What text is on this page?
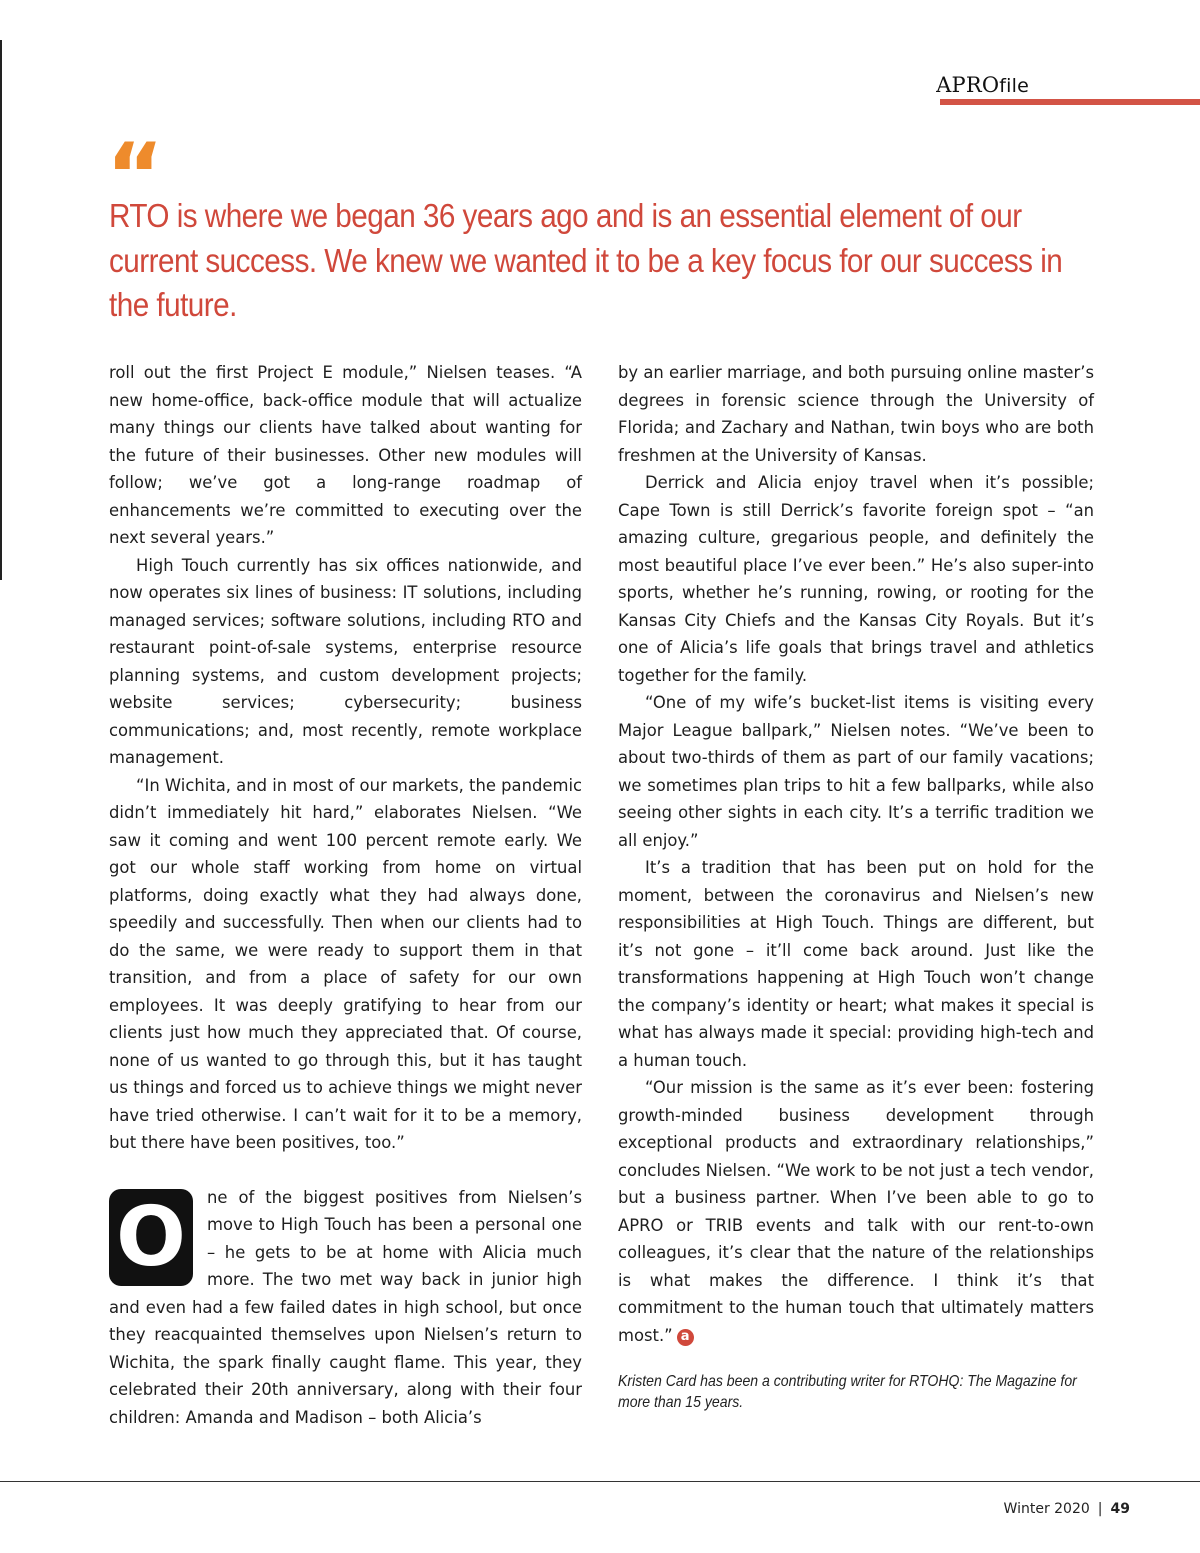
APROfile
“
RTO is where we began 36 years ago and is an essential element of our current success. We knew we wanted it to be a key focus for our success in the future.

roll out the first Project E module,” Nielsen teases. “A new home-office, back-office module that will actualize many things our clients have talked about wanting for the future of their businesses. Other new modules will follow; we’ve got a long-range roadmap of enhancements we’re committed to executing over the next several years.”

High Touch currently has six offices nationwide, and now operates six lines of business: IT solutions, including managed services; software solutions, including RTO and restaurant point-of-sale systems, enterprise resource planning systems, and custom development projects; website services; cybersecurity; business communications; and, most recently, remote workplace management.

“In Wichita, and in most of our markets, the pandemic didn’t immediately hit hard,” elaborates Nielsen. “We saw it coming and went 100 percent remote early. We got our whole staff working from home on virtual platforms, doing exactly what they had always done, speedily and successfully. Then when our clients had to do the same, we were ready to support them in that transition, and from a place of safety for our own employees. It was deeply gratifying to hear from our clients just how much they appreciated that. Of course, none of us wanted to go through this, but it has taught us things and forced us to achieve things we might never have tried otherwise. I can’t wait for it to be a memory, but there have been positives, too.”

O	ne of the biggest positives from Nielsen’s move to High Touch has been a personal one – he gets to be at home with Alicia much more. The two met way back in junior high and even had a few failed dates in high school, but once they reacquainted themselves upon Nielsen’s return to Wichita, the spark finally caught flame. This year, they celebrated their 20th anniversary, along with their four children: Amanda and Madison – both Alicia’s

by an earlier marriage, and both pursuing online master’s degrees in forensic science through the University of Florida; and Zachary and Nathan, twin boys who are both freshmen at the University of Kansas.

Derrick and Alicia enjoy travel when it’s possible; Cape Town is still Derrick’s favorite foreign spot – “an amazing culture, gregarious people, and definitely the most beautiful place I’ve ever been.” He’s also super-into sports, whether he’s running, rowing, or rooting for the Kansas City Chiefs and the Kansas City Royals. But it’s one of Alicia’s life goals that brings travel and athletics together for the family.

“One of my wife’s bucket-list items is visiting every Major League ballpark,” Nielsen notes. “We’ve been to about two-thirds of them as part of our family vacations; we sometimes plan trips to hit a few ballparks, while also seeing other sights in each city. It’s a terrific tradition we all enjoy.”

It’s a tradition that has been put on hold for the moment, between the coronavirus and Nielsen’s new responsibilities at High Touch. Things are different, but it’s not gone – it’ll come back around. Just like the transformations happening at High Touch won’t change the company’s identity or heart; what makes it special is what has always made it special: providing high-tech and a human touch.

“Our mission is the same as it’s ever been: fostering growth-minded business development through exceptional products and extraordinary relationships,” concludes Nielsen. “We work to be not just a tech vendor, but a business partner. When I’ve been able to go to APRO or TRIB events and talk with our rent-to-own colleagues, it’s clear that the nature of the relationships is what makes the difference. I think it’s that commitment to the human touch that ultimately matters most.” a

Kristen Card has been a contributing writer for RTOHQ: The Magazine for more than 15 years.
Winter 2020 | 49
